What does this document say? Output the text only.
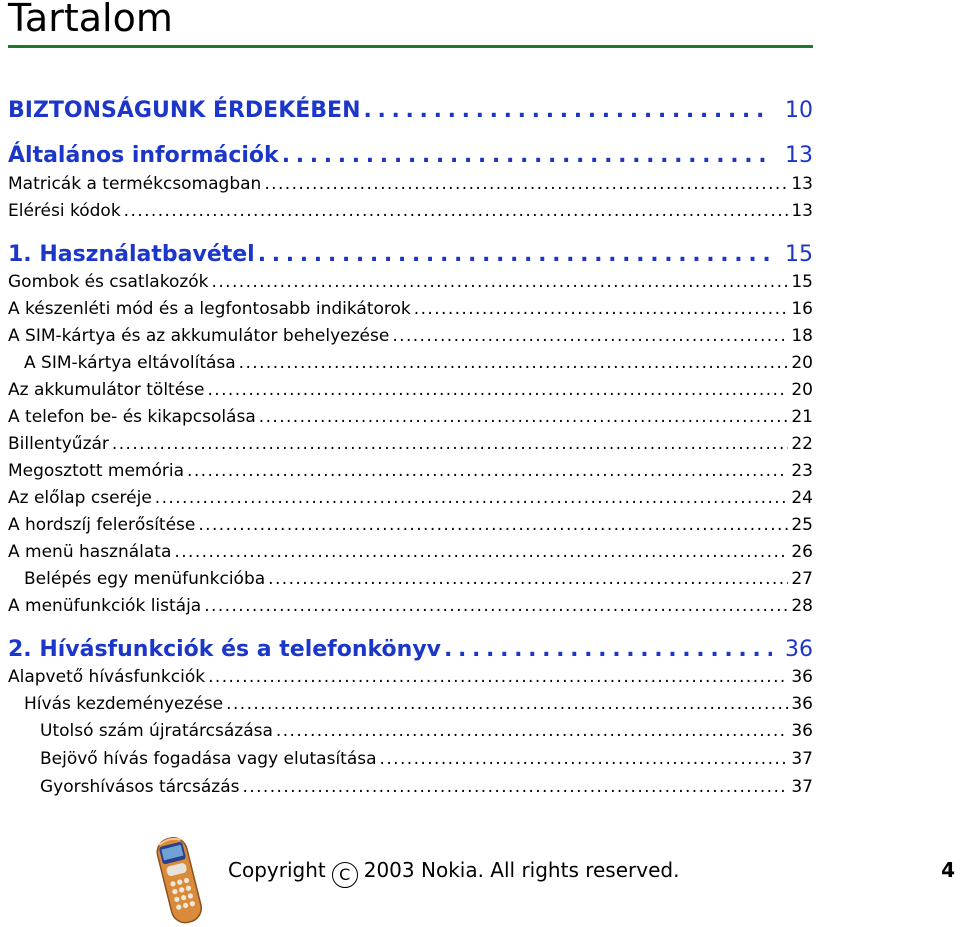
Tartalom
BIZTONSÁGUNK ÉRDEKÉBEN . . .	10
Általános információk . . .	13
Matricák a termékcsomagban . . .	13
Elérési kódok . . .	13
1. Használatbavétel . . .	15
Gombok és csatlakozók . . .	15
A készenléti mód és a legfontosabb indikátorok . . .	16
A SIM-kártya és az akkumulátor behelyezése . . .	18
A SIM-kártya eltávolítása . . .	20
Az akkumulátor töltése . . .	20
A telefon be- és kikapcsolása . . .	21
Billentyűzár . . .	22
Megosztott memória . . .	23
Az előlap cseréje . . .	24
A hordszíj felerősítése . . .	25
A menü használata . . .	26
Belépés egy menüfunkcióba . . .	27
A menüfunkciók listája . . .	28
2. Hívásfunkciók és a telefonkönyv . . .	36
Alapvető hívásfunkciók . . .	36
Hívás kezdeményezése . . .	36
Utolsó szám újratárcsázása . . .	36
Bejövő hívás fogadása vagy elutasítása . . .	37
Gyorshívásos tárcsázás . . .	37
Copyright C 2003 Nokia. All rights reserved.	4
